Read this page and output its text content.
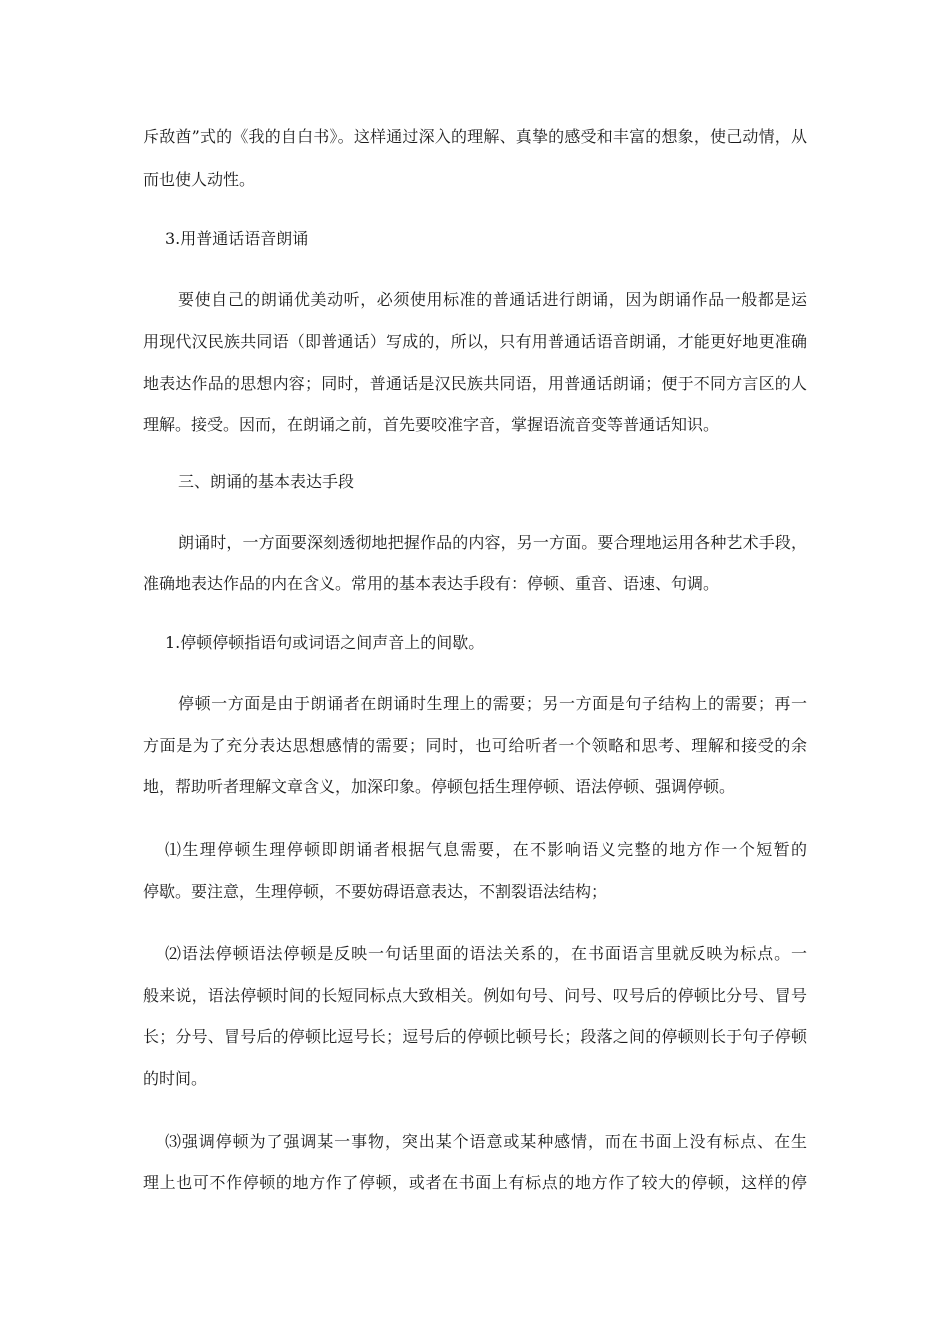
斥敌酋”式的《我的自白书》。这样通过深入的理解、真挚的感受和丰富的想象，使己动情，从
而也使人动性。
3.用普通话语音朗诵
要使自己的朗诵优美动听，必须使用标准的普通话进行朗诵，因为朗诵作品一般都是运
用现代汉民族共同语（即普通话）写成的，所以，只有用普通话语音朗诵，才能更好地更准确
地表达作品的思想内容；同时，普通话是汉民族共同语，用普通话朗诵；便于不同方言区的人
理解。接受。因而，在朗诵之前，首先要咬准字音，掌握语流音变等普通话知识。
三、朗诵的基本表达手段
朗诵时，一方面要深刻透彻地把握作品的内容，另一方面。要合理地运用各种艺术手段，
准确地表达作品的内在含义。常用的基本表达手段有：停顿、重音、语速、句调。
1.停顿停顿指语句或词语之间声音上的间歇。
停顿一方面是由于朗诵者在朗诵时生理上的需要；另一方面是句子结构上的需要；再一
方面是为了充分表达思想感情的需要；同时，也可给听者一个领略和思考、理解和接受的余
地，帮助听者理解文章含义，加深印象。停顿包括生理停顿、语法停顿、强调停顿。
⑴生理停顿生理停顿即朗诵者根据气息需要，在不影响语义完整的地方作一个短暂的
停歇。要注意，生理停顿，不要妨碍语意表达，不割裂语法结构；
⑵语法停顿语法停顿是反映一句话里面的语法关系的，在书面语言里就反映为标点。一
般来说，语法停顿时间的长短同标点大致相关。例如句号、问号、叹号后的停顿比分号、冒号
长；分号、冒号后的停顿比逗号长；逗号后的停顿比顿号长；段落之间的停顿则长于句子停顿
的时间。
⑶强调停顿为了强调某一事物，突出某个语意或某种感情，而在书面上没有标点、在生
理上也可不作停顿的地方作了停顿，或者在书面上有标点的地方作了较大的停顿，这样的停
